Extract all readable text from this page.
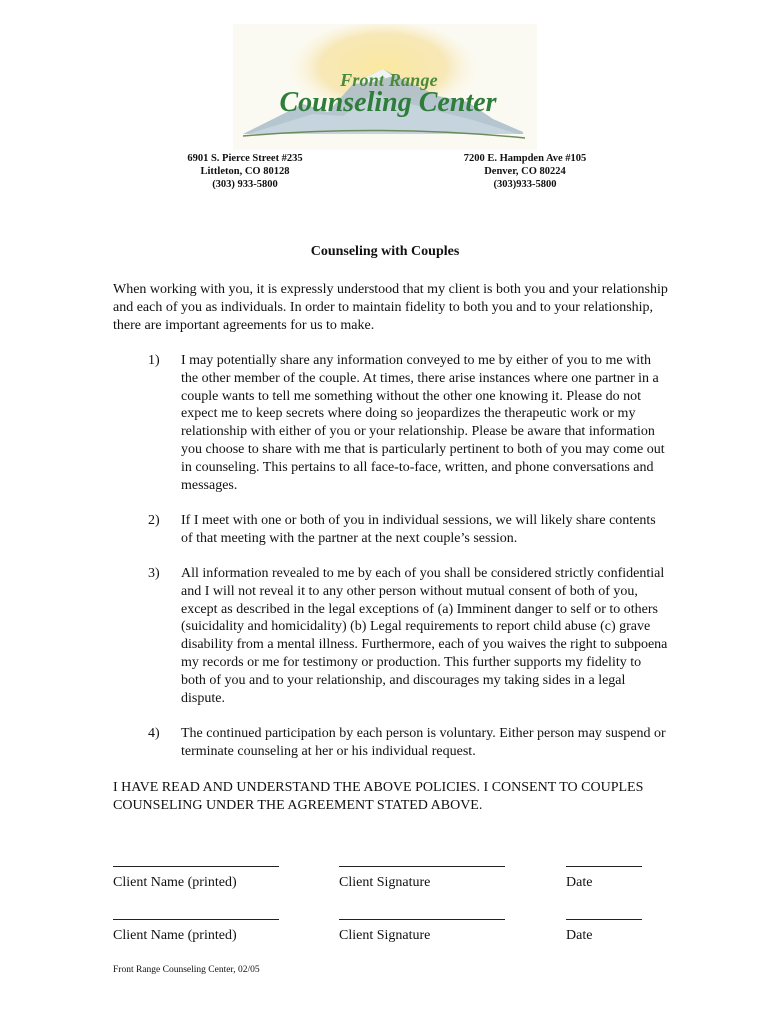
Front Range
Counseling Center
6901 S. Pierce Street #235
Littleton, CO 80128
(303) 933-5800
7200 E. Hampden Ave #105
Denver, CO 80224
(303)933-5800
Counseling with Couples
When working with you, it is expressly understood that my client is both you and your relationship and each of you as individuals. In order to maintain fidelity to both you and to your relationship, there are important agreements for us to make.
1)	I may potentially share any information conveyed to me by either of you to me with the other member of the couple. At times, there arise instances where one partner in a couple wants to tell me something without the other one knowing it. Please do not expect me to keep secrets where doing so jeopardizes the therapeutic work or my relationship with either of you or your relationship. Please be aware that information you choose to share with me that is particularly pertinent to both of you may come out in counseling. This pertains to all face-to-face, written, and phone conversations and messages.
2)	If I meet with one or both of you in individual sessions, we will likely share contents of that meeting with the partner at the next couple’s session.
3)	All information revealed to me by each of you shall be considered strictly confidential and I will not reveal it to any other person without mutual consent of both of you, except as described in the legal exceptions of (a) Imminent danger to self or to others (suicidality and homicidality) (b) Legal requirements to report child abuse (c) grave disability from a mental illness. Furthermore, each of you waives the right to subpoena my records or me for testimony or production. This further supports my fidelity to both of you and to your relationship, and discourages my taking sides in a legal dispute.
4)	The continued participation by each person is voluntary. Either person may suspend or terminate counseling at her or his individual request.
I HAVE READ AND UNDERSTAND THE ABOVE POLICIES. I CONSENT TO COUPLES COUNSELING UNDER THE AGREEMENT STATED ABOVE.
Client Name (printed)	Client Signature	Date
Client Name (printed)	Client Signature	Date
Front Range Counseling Center, 02/05
